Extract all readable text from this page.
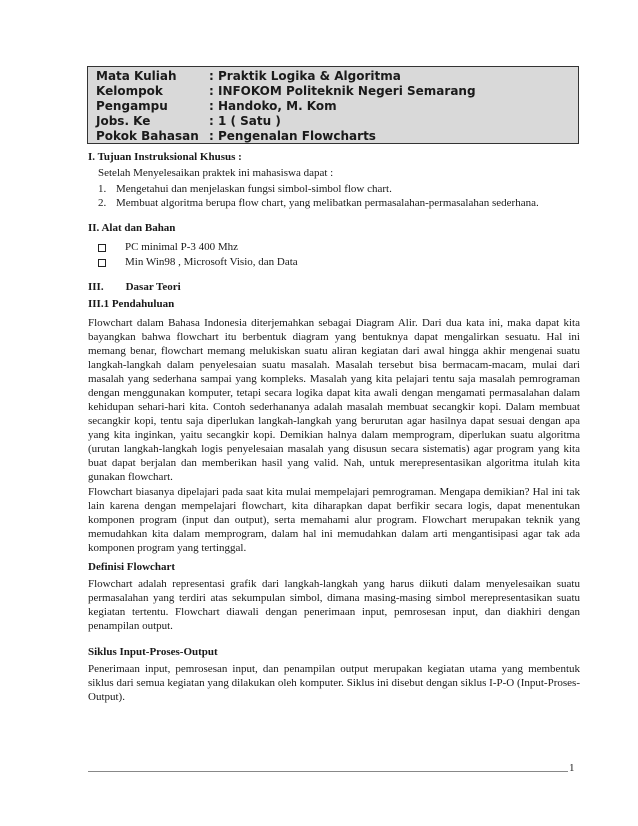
Mata Kuliah	: Praktik Logika & Algoritma
Kelompok	: INFOKOM Politeknik Negeri Semarang
Pengampu	: Handoko, M. Kom
Jobs. Ke	: 1 ( Satu )
Pokok Bahasan : Pengenalan Flowcharts
I. Tujuan Instruksional Khusus :
Setelah Menyelesaikan praktek ini mahasiswa dapat :
1. Mengetahui dan menjelaskan fungsi simbol-simbol flow chart.
2. Membuat algoritma berupa flow chart, yang melibatkan permasalahan-permasalahan sederhana.
II. Alat dan Bahan
PC minimal P-3 400 Mhz
Min Win98 , Microsoft Visio, dan Data
III.        Dasar Teori
III.1 Pendahuluan
Flowchart dalam Bahasa Indonesia diterjemahkan sebagai Diagram Alir. Dari dua kata ini, maka dapat kita bayangkan bahwa flowchart itu berbentuk diagram yang bentuknya dapat mengalirkan sesuatu. Hal ini memang benar, flowchart memang melukiskan suatu aliran kegiatan dari awal hingga akhir mengenai suatu langkah-langkah dalam penyelesaian suatu masalah. Masalah tersebut bisa bermacam-macam, mulai dari masalah yang sederhana sampai yang kompleks. Masalah yang kita pelajari tentu saja masalah pemrograman dengan menggunakan komputer, tetapi secara logika dapat kita awali dengan mengamati permasalahan dalam kehidupan sehari-hari kita. Contoh sederhananya adalah masalah membuat secangkir kopi. Dalam membuat secangkir kopi, tentu saja diperlukan langkah-langkah yang berurutan agar hasilnya dapat sesuai dengan apa yang kita inginkan, yaitu secangkir kopi. Demikian halnya dalam memprogram, diperlukan suatu algoritma (urutan langkah-langkah logis penyelesaian masalah yang disusun secara sistematis) agar program yang kita buat dapat berjalan dan memberikan hasil yang valid. Nah, untuk merepresentasikan algoritma itulah kita gunakan flowchart.
Flowchart biasanya dipelajari pada saat kita mulai mempelajari pemrograman. Mengapa demikian? Hal ini tak lain karena dengan mempelajari flowchart, kita diharapkan dapat berfikir secara logis, dapat menentukan komponen program (input dan output), serta memahami alur program. Flowchart merupakan teknik yang memudahkan kita dalam memprogram, dalam hal ini memudahkan dalam arti mengantisipasi agar tak ada komponen program yang tertinggal.
Definisi Flowchart
Flowchart adalah representasi grafik dari langkah-langkah yang harus diikuti dalam menyelesaikan suatu permasalahan yang terdiri atas sekumpulan simbol, dimana masing-masing simbol merepresentasikan suatu kegiatan tertentu. Flowchart diawali dengan penerimaan input, pemrosesan input, dan diakhiri dengan penampilan output.
Siklus Input-Proses-Output
Penerimaan input, pemrosesan input, dan penampilan output merupakan kegiatan utama yang membentuk siklus dari semua kegiatan yang dilakukan oleh komputer. Siklus ini disebut dengan siklus I-P-O (Input-Proses-Output).
1
